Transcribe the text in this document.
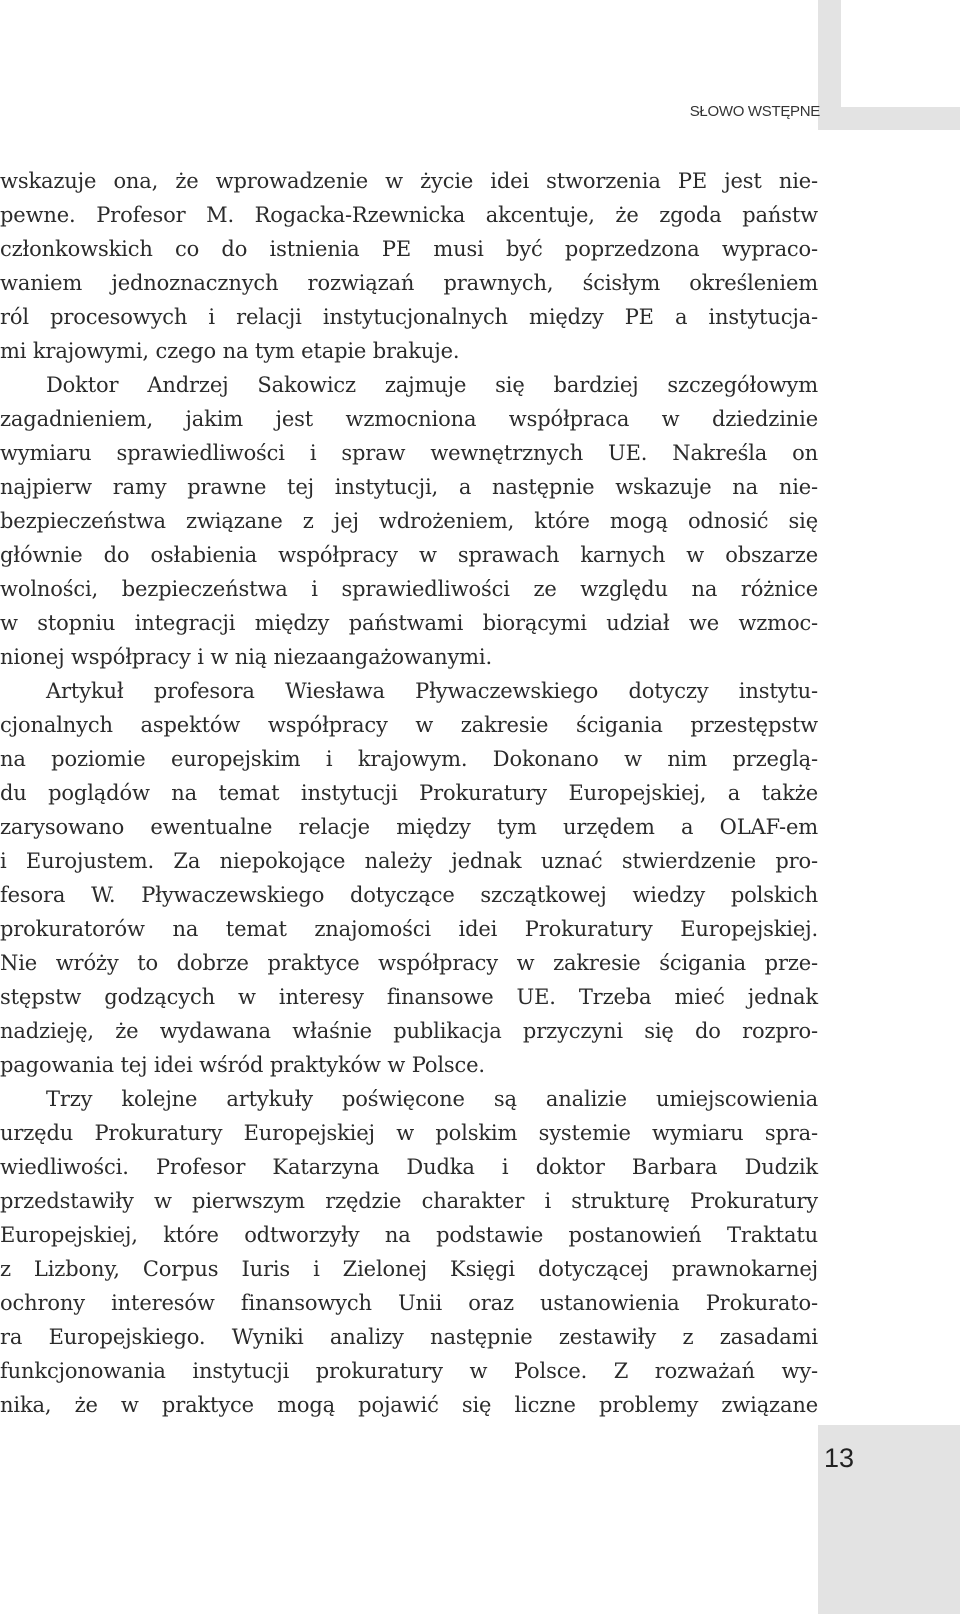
SŁOWO WSTĘPNE
wskazuje ona, że wprowadzenie w życie idei stworzenia PE jest nie-
pewne. Profesor M. Rogacka-Rzewnicka akcentuje, że zgoda państw
członkowskich co do istnienia PE musi być poprzedzona wypraco-
waniem jednoznacznych rozwiązań prawnych, ścisłym określeniem
ról procesowych i relacji instytucjonalnych między PE a instytucja-
mi krajowymi, czego na tym etapie brakuje.
Doktor Andrzej Sakowicz zajmuje się bardziej szczegółowym
zagadnieniem, jakim jest wzmocniona współpraca w dziedzinie
wymiaru sprawiedliwości i spraw wewnętrznych UE. Nakreśla on
najpierw ramy prawne tej instytucji, a następnie wskazuje na nie-
bezpieczeństwa związane z jej wdrożeniem, które mogą odnosić się
głównie do osłabienia współpracy w sprawach karnych w obszarze
wolności, bezpieczeństwa i sprawiedliwości ze względu na różnice
w stopniu integracji między państwami biorącymi udział we wzmoc-
nionej współpracy i w nią niezaangażowanymi.
Artykuł profesora Wiesława Pływaczewskiego dotyczy instytu-
cjonalnych aspektów współpracy w zakresie ścigania przestępstw
na poziomie europejskim i krajowym. Dokonano w nim przeglą-
du poglądów na temat instytucji Prokuratury Europejskiej, a także
zarysowano ewentualne relacje między tym urzędem a OLAF-em
i Eurojustem. Za niepokojące należy jednak uznać stwierdzenie pro-
fesora W. Pływaczewskiego dotyczące szczątkowej wiedzy polskich
prokuratorów na temat znajomości idei Prokuratury Europejskiej.
Nie wróży to dobrze praktyce współpracy w zakresie ścigania prze-
stępstw godzących w interesy finansowe UE. Trzeba mieć jednak
nadzieję, że wydawana właśnie publikacja przyczyni się do rozpro-
pagowania tej idei wśród praktyków w Polsce.
Trzy kolejne artykuły poświęcone są analizie umiejscowienia
urzędu Prokuratury Europejskiej w polskim systemie wymiaru spra-
wiedliwości. Profesor Katarzyna Dudka i doktor Barbara Dudzik
przedstawiły w pierwszym rzędzie charakter i strukturę Prokuratury
Europejskiej, które odtworzyły na podstawie postanowień Traktatu
z Lizbony, Corpus Iuris i Zielonej Księgi dotyczącej prawnokarnej
ochrony interesów finansowych Unii oraz ustanowienia Prokurato-
ra Europejskiego. Wyniki analizy następnie zestawiły z zasadami
funkcjonowania instytucji prokuratury w Polsce. Z rozważań wy-
nika, że w praktyce mogą pojawić się liczne problemy związane
13
